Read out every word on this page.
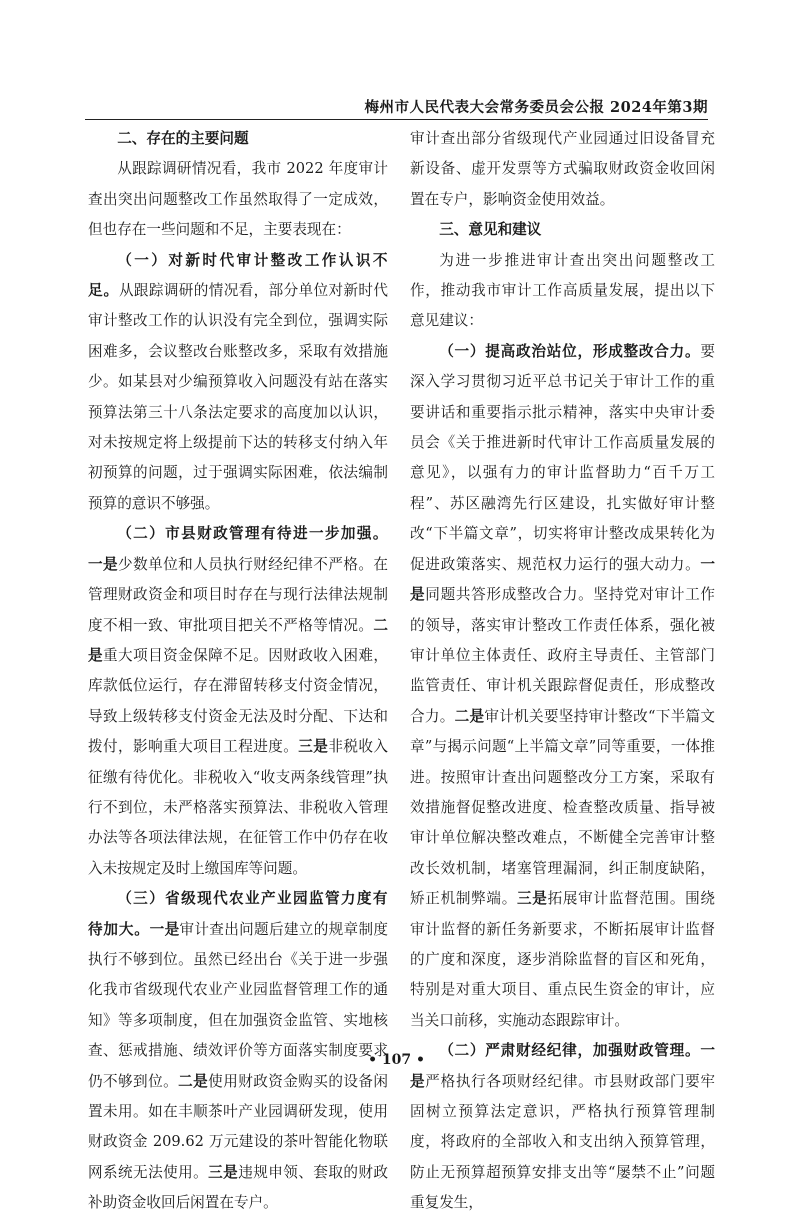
梅州市人民代表大会常务委员会公报 2024年第3期

二、存在的主要问题

从跟踪调研情况看，我市 2022 年度审计查出突出问题整改工作虽然取得了一定成效，但也存在一些问题和不足，主要表现在：

（一）对新时代审计整改工作认识不足。从跟踪调研的情况看，部分单位对新时代审计整改工作的认识没有完全到位，强调实际困难多，会议整改台账整改多，采取有效措施少。如某县对少编预算收入问题没有站在落实预算法第三十八条法定要求的高度加以认识，对未按规定将上级提前下达的转移支付纳入年初预算的问题，过于强调实际困难，依法编制预算的意识不够强。

（二）市县财政管理有待进一步加强。一是少数单位和人员执行财经纪律不严格。在管理财政资金和项目时存在与现行法律法规制度不相一致、审批项目把关不严格等情况。二是重大项目资金保障不足。因财政收入困难，库款低位运行，存在滞留转移支付资金情况，导致上级转移支付资金无法及时分配、下达和拨付，影响重大项目工程进度。三是非税收入征缴有待优化。非税收入“收支两条线管理”执行不到位，未严格落实预算法、非税收入管理办法等各项法律法规，在征管工作中仍存在收入未按规定及时上缴国库等问题。

（三）省级现代农业产业园监管力度有待加大。一是审计查出问题后建立的规章制度执行不够到位。虽然已经出台《关于进一步强化我市省级现代农业产业园监督管理工作的通知》等多项制度，但在加强资金监管、实地核查、惩戒措施、绩效评价等方面落实制度要求仍不够到位。二是使用财政资金购买的设备闲置未用。如在丰顺茶叶产业园调研发现，使用财政资金 209.62 万元建设的茶叶智能化物联网系统无法使用。三是违规申领、套取的财政补助资金收回后闲置在专户。

审计查出部分省级现代产业园通过旧设备冒充新设备、虚开发票等方式骗取财政资金收回闲置在专户，影响资金使用效益。

三、意见和建议

为进一步推进审计查出突出问题整改工作，推动我市审计工作高质量发展，提出以下意见建议：

（一）提高政治站位，形成整改合力。要深入学习贯彻习近平总书记关于审计工作的重要讲话和重要指示批示精神，落实中央审计委员会《关于推进新时代审计工作高质量发展的意见》，以强有力的审计监督助力“百千万工程”、苏区融湾先行区建设，扎实做好审计整改“下半篇文章”，切实将审计整改成果转化为促进政策落实、规范权力运行的强大动力。一是同题共答形成整改合力。坚持党对审计工作的领导，落实审计整改工作责任体系，强化被审计单位主体责任、政府主导责任、主管部门监管责任、审计机关跟踪督促责任，形成整改合力。二是审计机关要坚持审计整改“下半篇文章”与揭示问题“上半篇文章”同等重要，一体推进。按照审计查出问题整改分工方案，采取有效措施督促整改进度、检查整改质量、指导被审计单位解决整改难点，不断健全完善审计整改长效机制，堵塞管理漏洞，纠正制度缺陷，矫正机制弊端。三是拓展审计监督范围。围绕审计监督的新任务新要求，不断拓展审计监督的广度和深度，逐步消除监督的盲区和死角，特别是对重大项目、重点民生资金的审计，应当关口前移，实施动态跟踪审计。

（二）严肃财经纪律，加强财政管理。一是严格执行各项财经纪律。市县财政部门要牢固树立预算法定意识，严格执行预算管理制度，将政府的全部收入和支出纳入预算管理，防止无预算超预算安排支出等“屡禁不止”问题重复发生，

• 107 •
